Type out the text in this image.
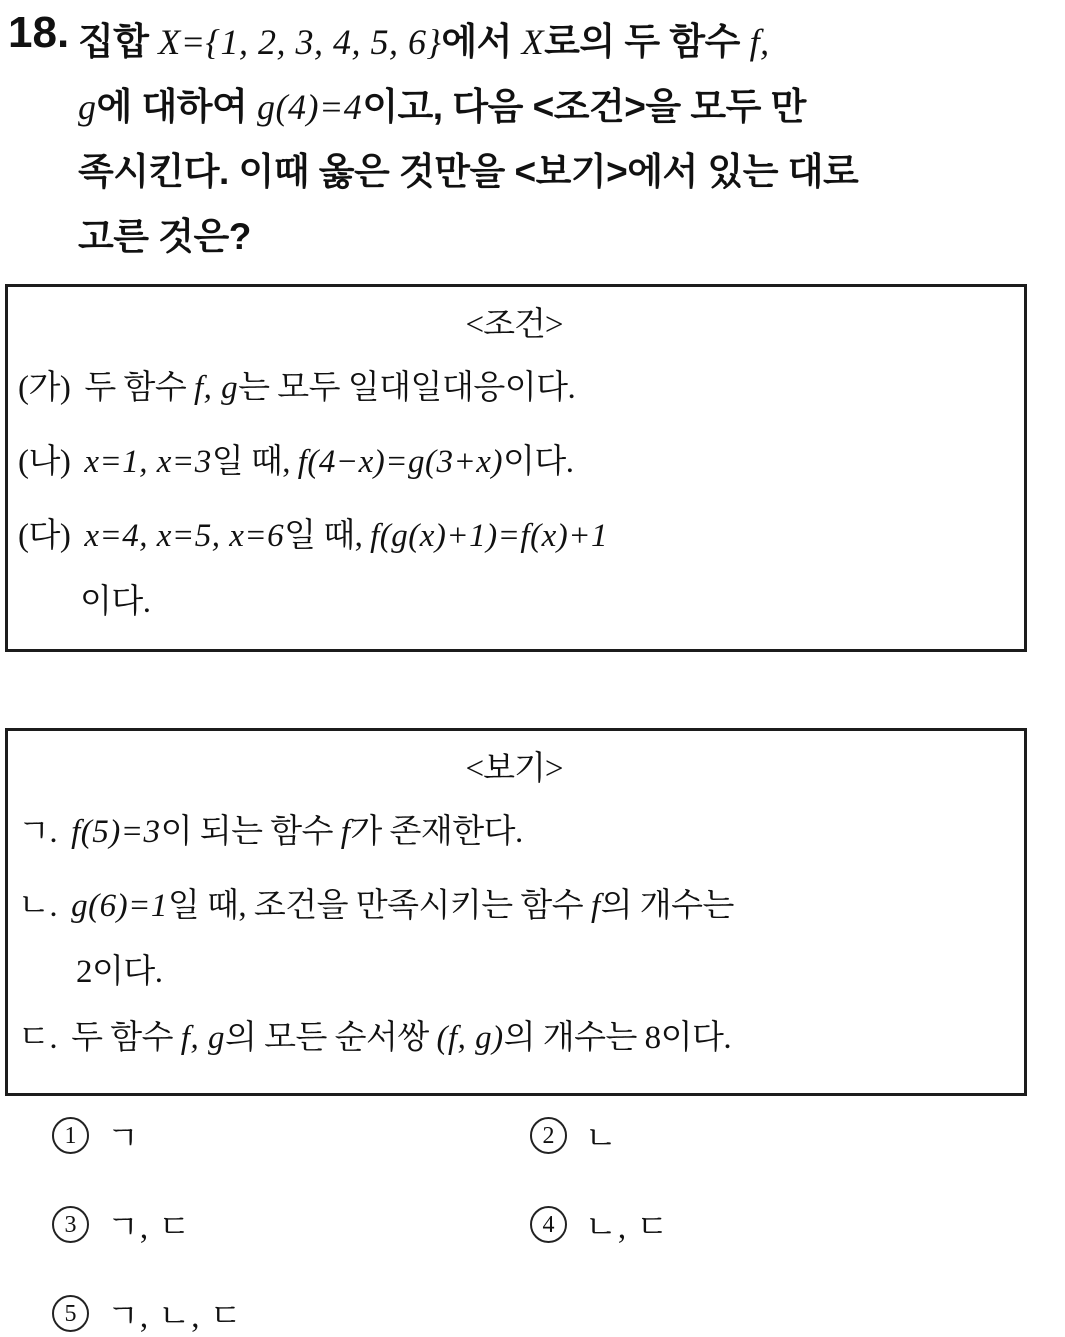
18. 집합 X={1, 2, 3, 4, 5, 6}에서 X로의 두 함수 f,
g에 대하여 g(4)=4이고, 다음 <조건>을 모두 만
족시킨다. 이때 옳은 것만을 <보기>에서 있는 대로
고른 것은?
<조건>
(가) 두 함수 f, g는 모두 일대일대응이다.
(나) x=1, x=3일 때, f(4−x)=g(3+x)이다.
(다) x=4, x=5, x=6일 때, f(g(x)+1)=f(x)+1
이다.
<보기>
ㄱ. f(5)=3이 되는 함수 f가 존재한다.
ㄴ. g(6)=1일 때, 조건을 만족시키는 함수 f의 개수는
2이다.
ㄷ. 두 함수 f, g의 모든 순서쌍 (f, g)의 개수는 8이다.
1 ㄱ	2 ㄴ
3 ㄱ, ㄷ	4 ㄴ, ㄷ
5 ㄱ, ㄴ, ㄷ
